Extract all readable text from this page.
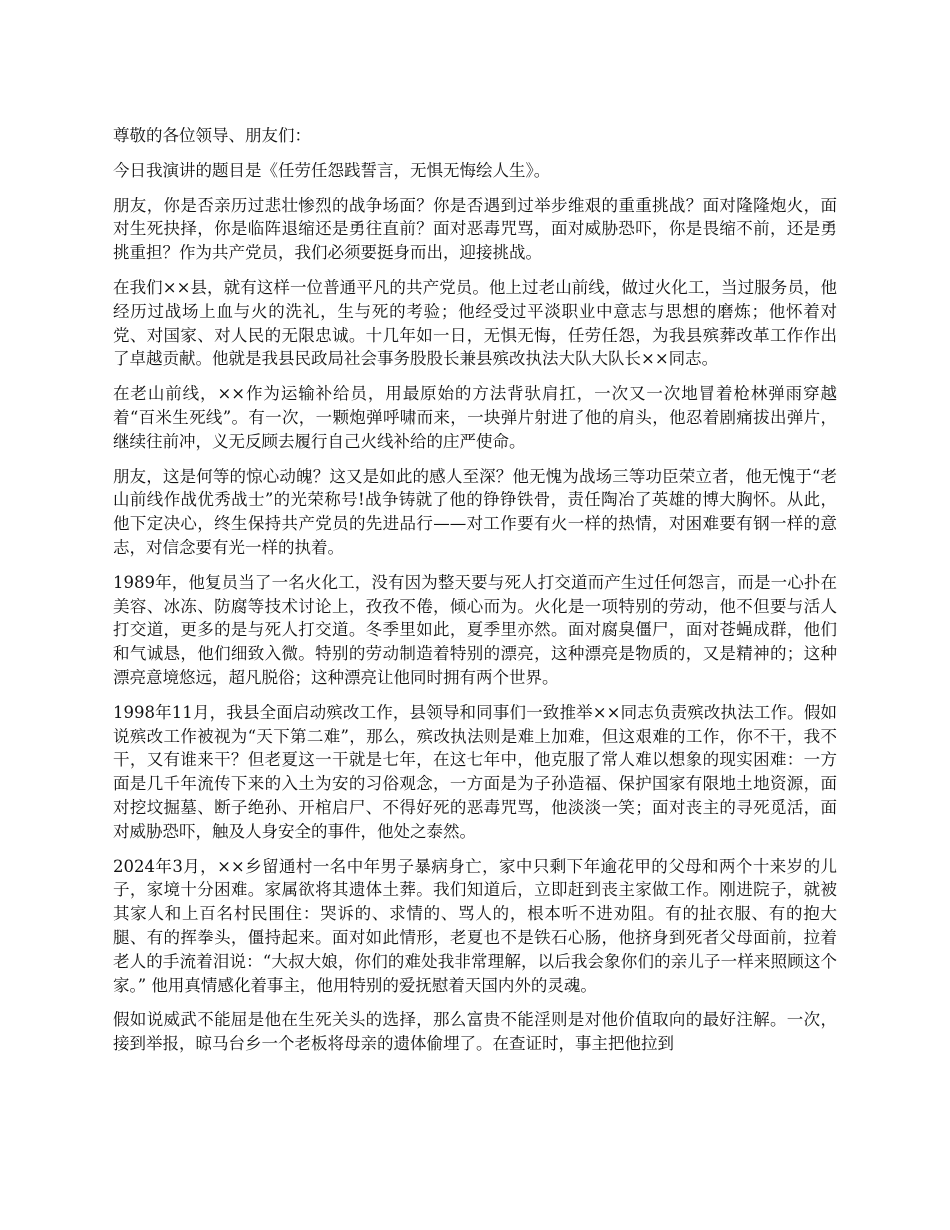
尊敬的各位领导、朋友们：

今日我演讲的题目是《任劳任怨践誓言，无惧无悔绘人生》。

朋友，你是否亲历过悲壮惨烈的战争场面？你是否遇到过举步维艰的重重挑战？面对隆隆炮火，面对生死抉择，你是临阵退缩还是勇往直前？面对恶毒咒骂，面对威胁恐吓，你是畏缩不前，还是勇挑重担？作为共产党员，我们必须要挺身而出，迎接挑战。

在我们××县，就有这样一位普通平凡的共产党员。他上过老山前线，做过火化工，当过服务员，他经历过战场上血与火的洗礼，生与死的考验；他经受过平淡职业中意志与思想的磨炼；他怀着对党、对国家、对人民的无限忠诚。十几年如一日，无惧无悔，任劳任怨，为我县殡葬改革工作作出了卓越贡献。他就是我县民政局社会事务股股长兼县殡改执法大队大队长××同志。

在老山前线，××作为运输补给员，用最原始的方法背驮肩扛，一次又一次地冒着枪林弹雨穿越着“百米生死线”。有一次，一颗炮弹呼啸而来，一块弹片射进了他的肩头，他忍着剧痛拔出弹片，继续往前冲，义无反顾去履行自己火线补给的庄严使命。

朋友，这是何等的惊心动魄？这又是如此的感人至深？他无愧为战场三等功臣荣立者，他无愧于“老山前线作战优秀战士”的光荣称号!战争铸就了他的铮铮铁骨，责任陶冶了英雄的博大胸怀。从此，他下定决心，终生保持共产党员的先进品行——对工作要有火一样的热情，对困难要有钢一样的意志，对信念要有光一样的执着。

1989年，他复员当了一名火化工，没有因为整天要与死人打交道而产生过任何怨言，而是一心扑在美容、冰冻、防腐等技术讨论上，孜孜不倦，倾心而为。火化是一项特别的劳动，他不但要与活人打交道，更多的是与死人打交道。冬季里如此，夏季里亦然。面对腐臭僵尸，面对苍蝇成群，他们和气诚恳，他们细致入微。特别的劳动制造着特别的漂亮，这种漂亮是物质的，又是精神的；这种漂亮意境悠远，超凡脱俗；这种漂亮让他同时拥有两个世界。

1998年11月，我县全面启动殡改工作，县领导和同事们一致推举××同志负责殡改执法工作。假如说殡改工作被视为“天下第二难”，那么，殡改执法则是难上加难，但这艰难的工作，你不干，我不干，又有谁来干？但老夏这一干就是七年，在这七年中，他克服了常人难以想象的现实困难：一方面是几千年流传下来的入土为安的习俗观念，一方面是为子孙造福、保护国家有限地土地资源，面对挖坟掘墓、断子绝孙、开棺启尸、不得好死的恶毒咒骂，他淡淡一笑；面对丧主的寻死觅活，面对威胁恐吓，触及人身安全的事件，他处之泰然。

2024年3月，××乡留通村一名中年男子暴病身亡，家中只剩下年逾花甲的父母和两个十来岁的儿子，家境十分困难。家属欲将其遗体土葬。我们知道后，立即赶到丧主家做工作。刚进院子，就被其家人和上百名村民围住：哭诉的、求情的、骂人的，根本听不进劝阻。有的扯衣服、有的抱大腿、有的挥拳头，僵持起来。面对如此情形，老夏也不是铁石心肠，他挤身到死者父母面前，拉着老人的手流着泪说：“大叔大娘，你们的难处我非常理解，以后我会象你们的亲儿子一样来照顾这个家。” 他用真情感化着事主，他用特别的爱抚慰着天国内外的灵魂。

假如说威武不能屈是他在生死关头的选择，那么富贵不能淫则是对他价值取向的最好注解。一次，接到举报，晾马台乡一个老板将母亲的遗体偷埋了。在查证时，事主把他拉到
